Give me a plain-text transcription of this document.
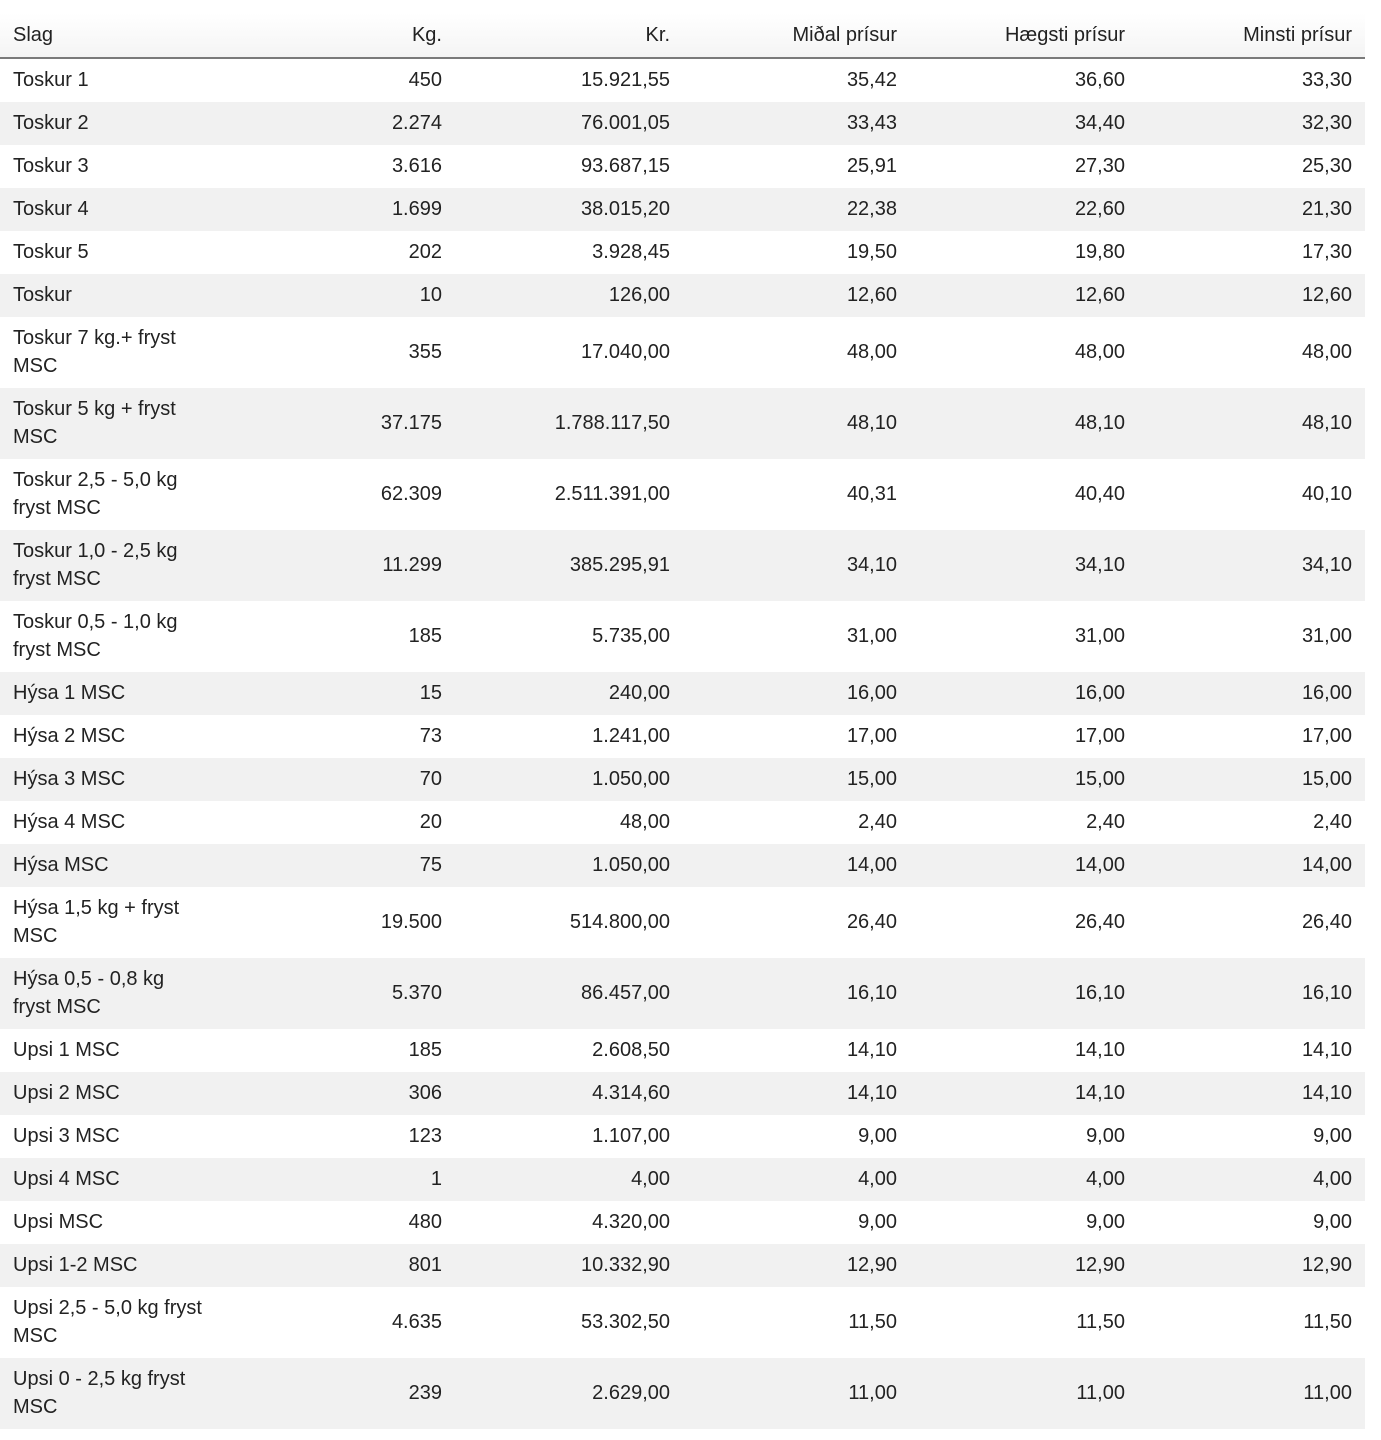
Slag	Kg.	Kr.	Miðal prísur	Hægsti prísur	Minsti prísur

Toskur 1	450	15.921,55	35,42	36,60	33,30

Toskur 2	2.274	76.001,05	33,43	34,40	32,30

Toskur 3	3.616	93.687,15	25,91	27,30	25,30

Toskur 4	1.699	38.015,20	22,38	22,60	21,30

Toskur 5	202	3.928,45	19,50	19,80	17,30

Toskur	10	126,00	12,60	12,60	12,60

Toskur 7 kg.+ fryst MSC	355	17.040,00	48,00	48,00	48,00

Toskur 5 kg + fryst MSC	37.175	1.788.117,50	48,10	48,10	48,10

Toskur 2,5 - 5,0 kg fryst MSC	62.309	2.511.391,00	40,31	40,40	40,10

Toskur 1,0 - 2,5 kg fryst MSC	11.299	385.295,91	34,10	34,10	34,10

Toskur 0,5 - 1,0 kg fryst MSC	185	5.735,00	31,00	31,00	31,00

Hýsa 1 MSC	15	240,00	16,00	16,00	16,00

Hýsa 2 MSC	73	1.241,00	17,00	17,00	17,00

Hýsa 3 MSC	70	1.050,00	15,00	15,00	15,00

Hýsa 4 MSC	20	48,00	2,40	2,40	2,40

Hýsa MSC	75	1.050,00	14,00	14,00	14,00

Hýsa 1,5 kg + fryst MSC	19.500	514.800,00	26,40	26,40	26,40

Hýsa 0,5 - 0,8 kg fryst MSC	5.370	86.457,00	16,10	16,10	16,10

Upsi 1 MSC	185	2.608,50	14,10	14,10	14,10

Upsi 2 MSC	306	4.314,60	14,10	14,10	14,10

Upsi 3 MSC	123	1.107,00	9,00	9,00	9,00

Upsi 4 MSC	1	4,00	4,00	4,00	4,00

Upsi MSC	480	4.320,00	9,00	9,00	9,00

Upsi 1-2 MSC	801	10.332,90	12,90	12,90	12,90

Upsi 2,5 - 5,0 kg fryst MSC	4.635	53.302,50	11,50	11,50	11,50

Upsi 0 - 2,5 kg fryst MSC	239	2.629,00	11,00	11,00	11,00
